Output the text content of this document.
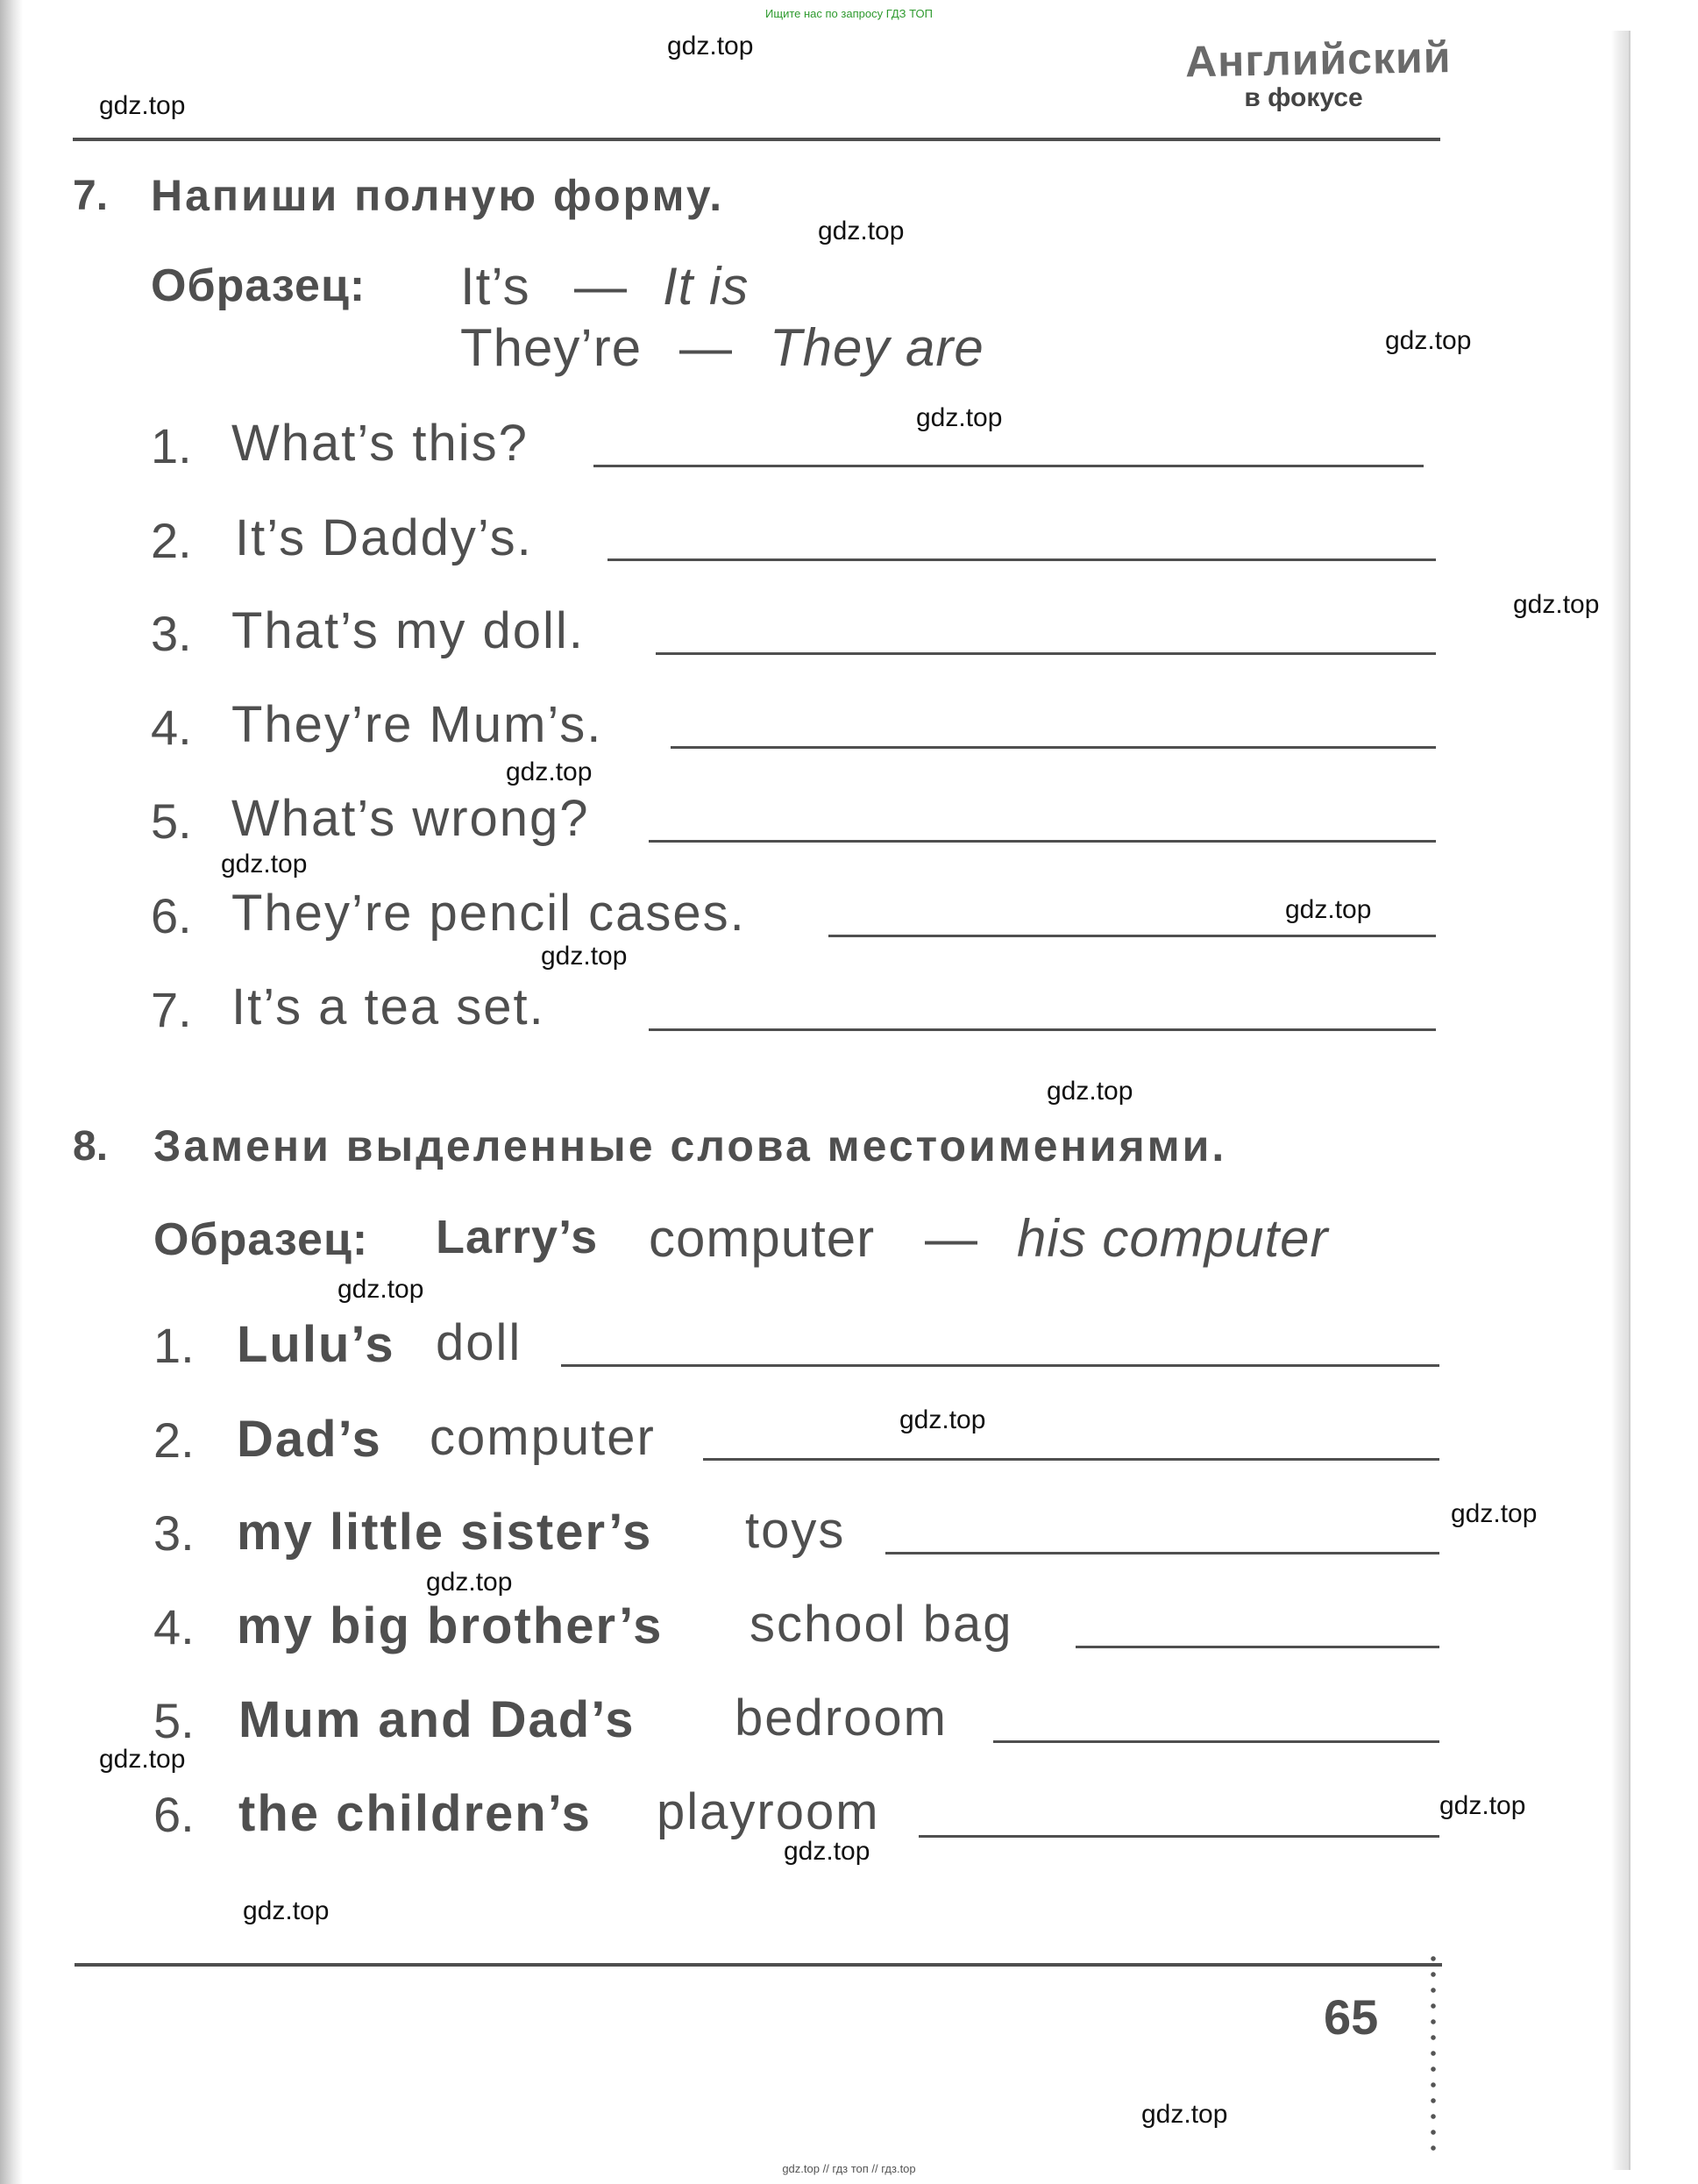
Ищите нас по запросу ГДЗ ТОП
gdz.top // гдз топ // гдз.top
Английский
в фокусе
7. Напиши полную форму.
Образец: It’s — It is
They’re — They are
1. What’s this?
2. It’s Daddy’s.
3. That’s my doll.
4. They’re Mum’s.
5. What’s wrong?
6. They’re pencil cases.
7. It’s a tea set.
8. Замени выделенные слова местоимениями.
Образец: Larry’s computer — his computer
1. Lulu’s doll
2. Dad’s computer
3. my little sister’s toys
4. my big brother’s school bag
5. Mum and Dad’s bedroom
6. the children’s playroom
65
gdz.top
gdz.top
gdz.top
gdz.top
gdz.top
gdz.top
gdz.top
gdz.top
gdz.top
gdz.top
gdz.top
gdz.top
gdz.top
gdz.top
gdz.top
gdz.top
gdz.top
gdz.top
gdz.top
gdz.top
